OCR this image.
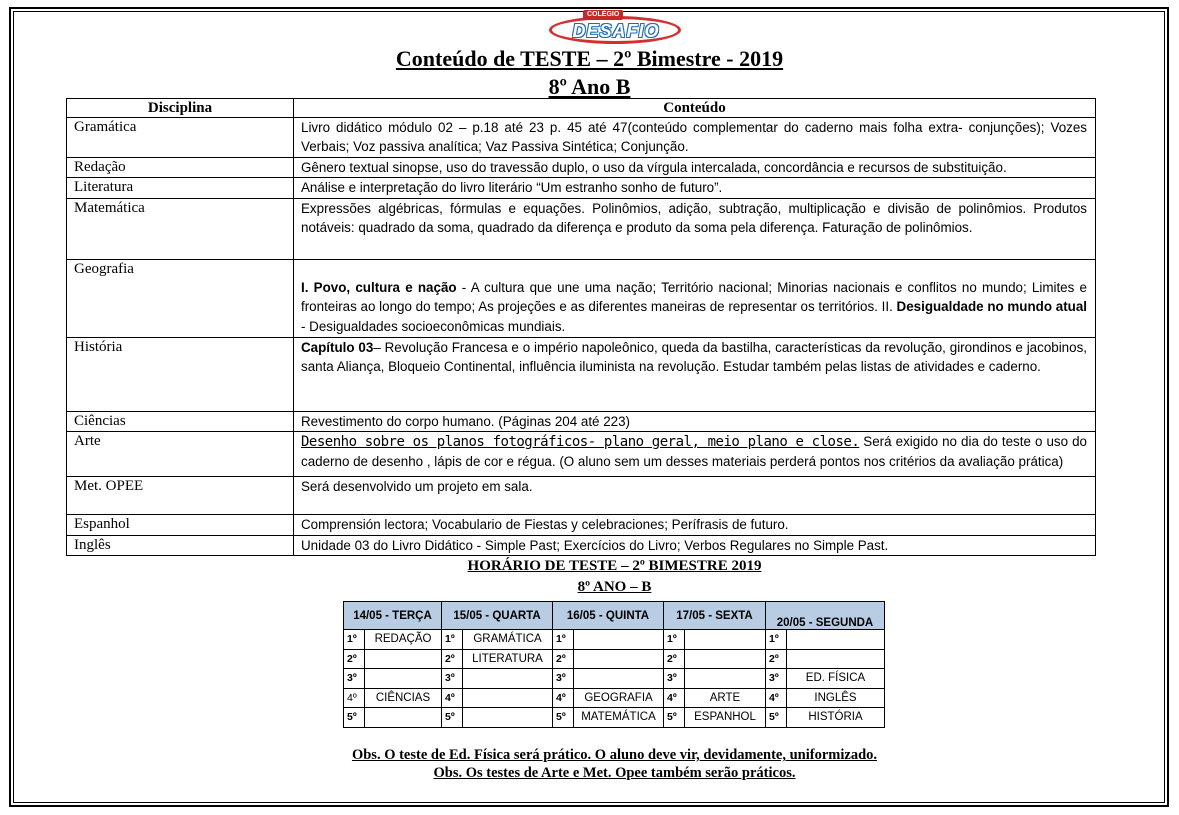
COLÉGIO
DESAFIO
Conteúdo de TESTE – 2º Bimestre - 2019
8º Ano B
Disciplina	Conteúdo
Gramática	Livro didático módulo 02 – p.18 até 23 p. 45 até 47(conteúdo complementar do caderno mais folha extra- conjunções); Vozes Verbais; Voz passiva analítica; Vaz Passiva Sintética; Conjunção.
Redação	Gênero textual sinopse, uso do travessão duplo, o uso da vírgula intercalada, concordância e recursos de substituição.
Literatura	Análise e interpretação do livro literário “Um estranho sonho de futuro”.
Matemática	Expressões algébricas, fórmulas e equações. Polinômios, adição, subtração, multiplicação e divisão de polinômios. Produtos notáveis: quadrado da soma, quadrado da diferença e produto da soma pela diferença. Faturação de polinômios.
Geografia	I. Povo, cultura e nação - A cultura que une uma nação; Território nacional; Minorias nacionais e conflitos no mundo; Limites e fronteiras ao longo do tempo; As projeções e as diferentes maneiras de representar os territórios. II. Desigualdade no mundo atual - Desigualdades socioeconômicas mundiais.
História	Capítulo 03– Revolução Francesa e o império napoleônico, queda da bastilha, características da revolução, girondinos e jacobinos, santa Aliança, Bloqueio Continental, influência iluminista na revolução. Estudar também pelas listas de atividades e caderno.
Ciências	Revestimento do corpo humano. (Páginas 204 até 223)
Arte	Desenho sobre os planos fotográficos- plano geral, meio plano e close. Será exigido no dia do teste o uso do caderno de desenho , lápis de cor e régua. (O aluno sem um desses materiais perderá pontos nos critérios da avaliação prática)
Met. OPEE	Será desenvolvido um projeto em sala.
Espanhol	Comprensión lectora; Vocabulario de Fiestas y celebraciones; Perífrasis de futuro.
Inglês	Unidade 03 do Livro Didático - Simple Past; Exercícios do Livro; Verbos Regulares no Simple Past.
HORÁRIO DE TESTE – 2º BIMESTRE 2019
8º ANO – B
14/05 - TERÇA		15/05 - QUARTA		16/05 - QUINTA		17/05 - SEXTA		20/05 - SEGUNDA	
1º	REDAÇÃO	1º	GRAMÁTICA	1º		1º		1º	
2º		2º	LITERATURA	2º		2º		2º	
3º		3º		3º		3º		3º	ED. FÍSICA
4º	CIÊNCIAS	4º		4º	GEOGRAFIA	4º	ARTE	4º	INGLÊS
5º		5º		5º	MATEMÁTICA	5º	ESPANHOL	5º	HISTÓRIA
Obs. O teste de Ed. Física será prático. O aluno deve vir, devidamente, uniformizado.
Obs. Os testes de Arte e Met. Opee também serão práticos.
